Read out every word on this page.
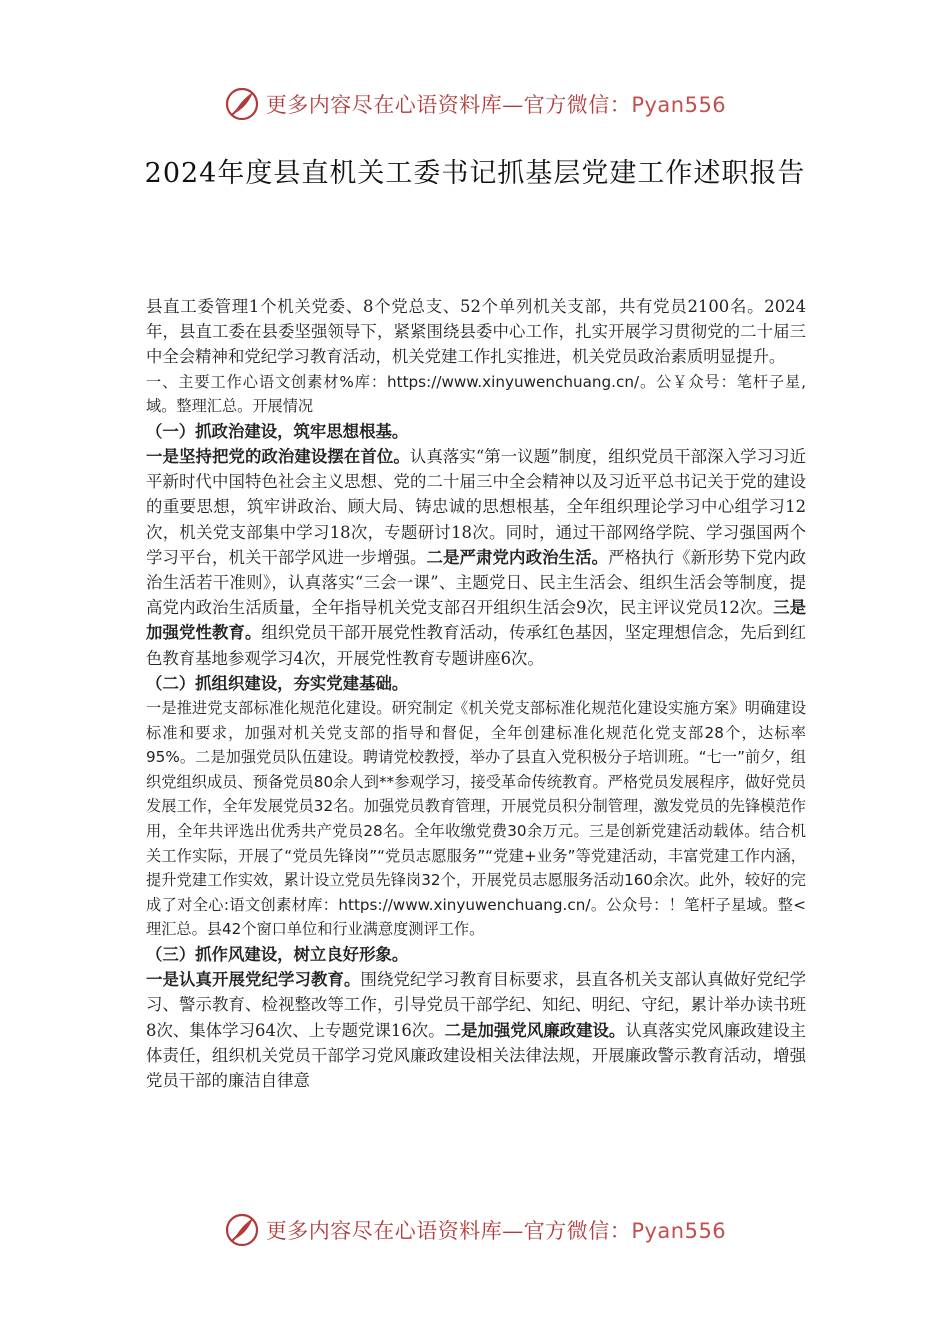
更多内容尽在心语资料库—官方微信：Pyan556
2024年度县直机关工委书记抓基层党建工作述职报告

县直工委管理1个机关党委、8个党总支、52个单列机关支部，共有党员2100名。2024年，县直工委在县委坚强领导下，紧紧围绕县委中心工作，扎实开展学习贯彻党的二十届三中全会精神和党纪学习教育活动，机关党建工作扎实推进，机关党员政治素质明显提升。

一、主要工作心语文创素材%库：https://www.xinyuwenchuang.cn/。公￥众号：笔杆子星,域。整理汇总。开展情况

（一）抓政治建设，筑牢思想根基。

一是坚持把党的政治建设摆在首位。认真落实“第一议题”制度，组织党员干部深入学习习近平新时代中国特色社会主义思想、党的二十届三中全会精神以及习近平总书记关于党的建设的重要思想，筑牢讲政治、顾大局、铸忠诚的思想根基，全年组织理论学习中心组学习12次，机关党支部集中学习18次，专题研讨18次。同时，通过干部网络学院、学习强国两个学习平台，机关干部学风进一步增强。二是严肃党内政治生活。严格执行《新形势下党内政治生活若干准则》，认真落实“三会一课”、主题党日、民主生活会、组织生活会等制度，提高党内政治生活质量，全年指导机关党支部召开组织生活会9次，民主评议党员12次。三是加强党性教育。组织党员干部开展党性教育活动，传承红色基因，坚定理想信念，先后到红色教育基地参观学习4次，开展党性教育专题讲座6次。

（二）抓组织建设，夯实党建基础。

一是推进党支部标准化规范化建设。研究制定《机关党支部标准化规范化建设实施方案》明确建设标准和要求，加强对机关党支部的指导和督促，全年创建标准化规范化党支部28个，达标率95%。二是加强党员队伍建设。聘请党校教授，举办了县直入党积极分子培训班。“七一”前夕，组织党组织成员、预备党员80余人到**参观学习，接受革命传统教育。严格党员发展程序，做好党员发展工作，全年发展党员32名。加强党员教育管理，开展党员积分制管理，激发党员的先锋模范作用，全年共评选出优秀共产党员28名。全年收缴党费30余万元。三是创新党建活动载体。结合机关工作实际，开展了“党员先锋岗”“党员志愿服务”“党建+业务”等党建活动，丰富党建工作内涵，提升党建工作实效，累计设立党员先锋岗32个，开展党员志愿服务活动160余次。此外，较好的完成了对全心:语文创素材库：https://www.xinyuwenchuang.cn/。公众号：！笔杆子星域。整<理汇总。县42个窗口单位和行业满意度测评工作。

（三）抓作风建设，树立良好形象。

一是认真开展党纪学习教育。围绕党纪学习教育目标要求，县直各机关支部认真做好党纪学习、警示教育、检视整改等工作，引导党员干部学纪、知纪、明纪、守纪，累计举办读书班8次、集体学习64次、上专题党课16次。二是加强党风廉政建设。认真落实党风廉政建设主体责任，组织机关党员干部学习党风廉政建设相关法律法规，开展廉政警示教育活动，增强党员干部的廉洁自律意

更多内容尽在心语资料库—官方微信：Pyan556
